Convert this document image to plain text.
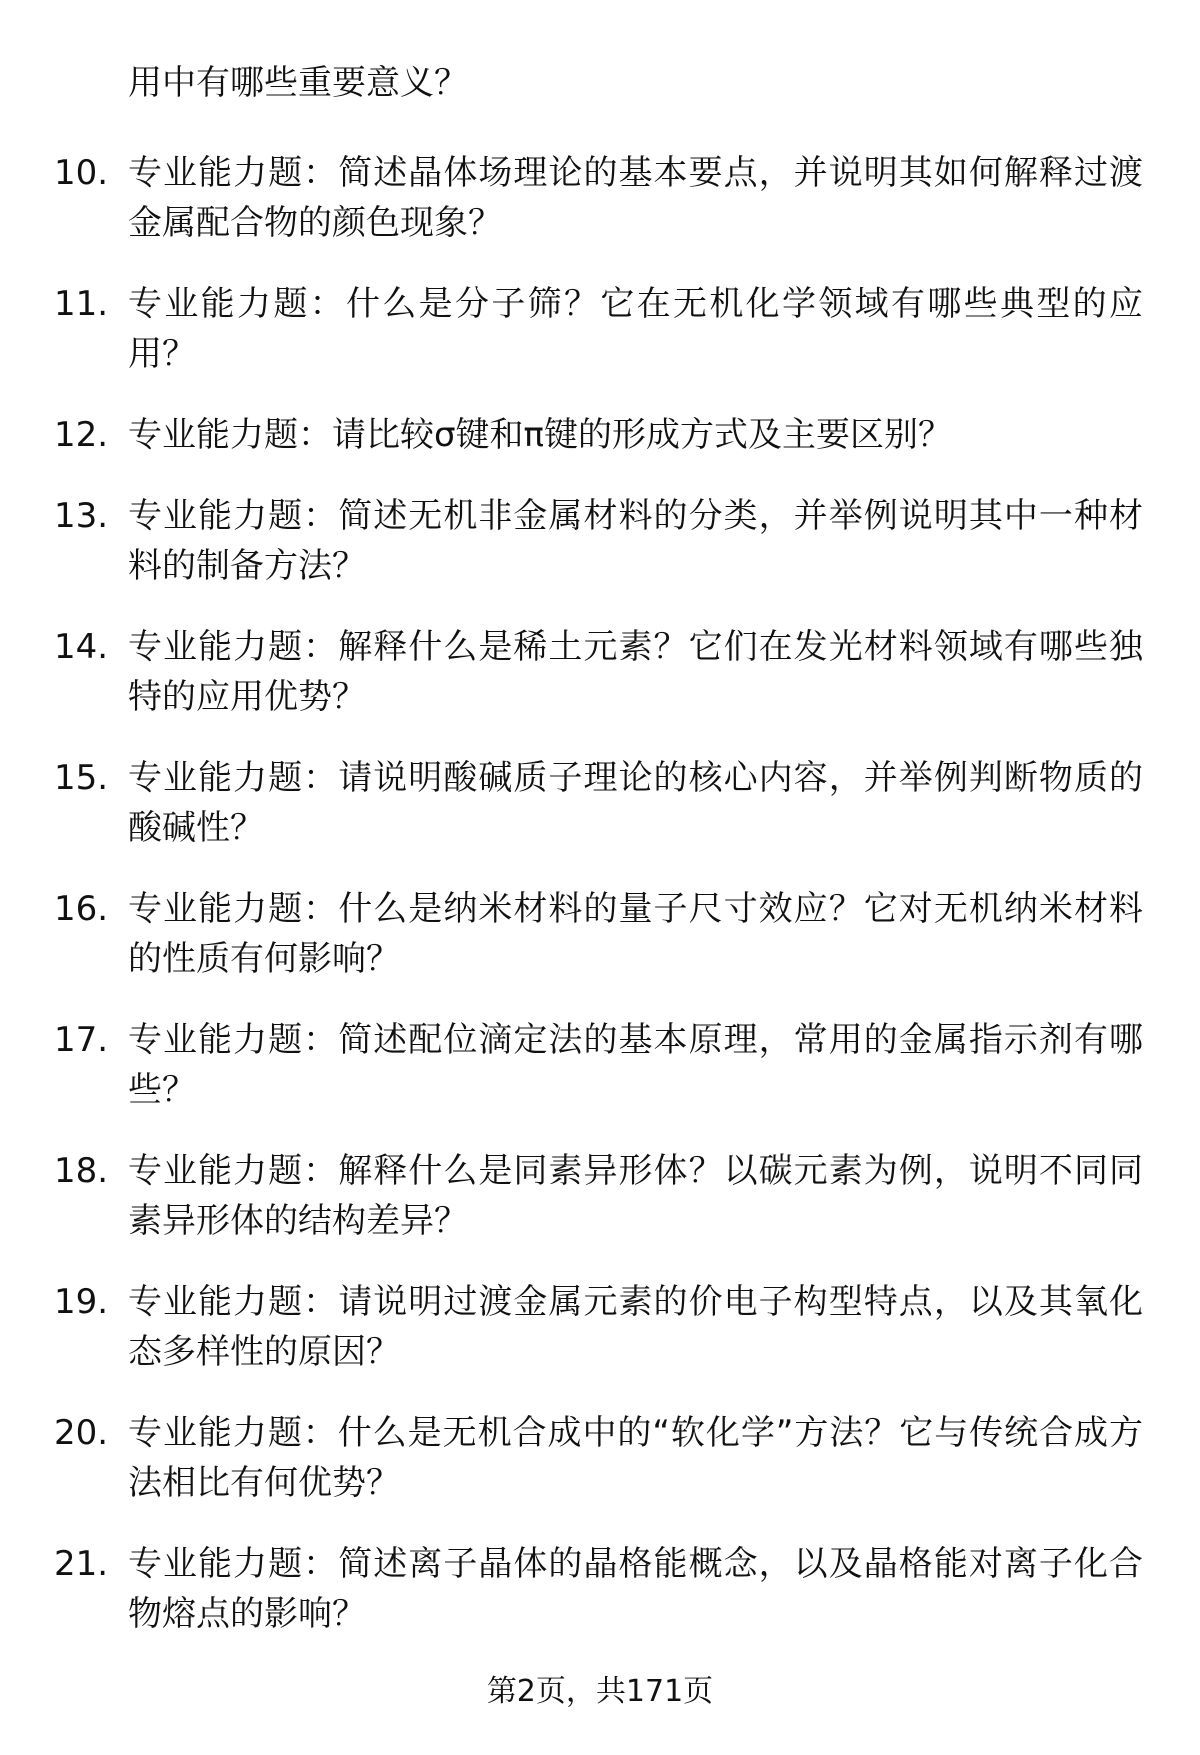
用中有哪些重要意义？
10. 专业能力题：简述晶体场理论的基本要点，并说明其如何解释过渡金属配合物的颜色现象？
11. 专业能力题：什么是分子筛？它在无机化学领域有哪些典型的应用？
12. 专业能力题：请比较σ键和π键的形成方式及主要区别？
13. 专业能力题：简述无机非金属材料的分类，并举例说明其中一种材料的制备方法？
14. 专业能力题：解释什么是稀土元素？它们在发光材料领域有哪些独特的应用优势？
15. 专业能力题：请说明酸碱质子理论的核心内容，并举例判断物质的酸碱性？
16. 专业能力题：什么是纳米材料的量子尺寸效应？它对无机纳米材料的性质有何影响？
17. 专业能力题：简述配位滴定法的基本原理，常用的金属指示剂有哪些？
18. 专业能力题：解释什么是同素异形体？以碳元素为例，说明不同同素异形体的结构差异？
19. 专业能力题：请说明过渡金属元素的价电子构型特点，以及其氧化态多样性的原因？
20. 专业能力题：什么是无机合成中的“软化学”方法？它与传统合成方法相比有何优势？
21. 专业能力题：简述离子晶体的晶格能概念，以及晶格能对离子化合物熔点的影响？
第2页，共171页
